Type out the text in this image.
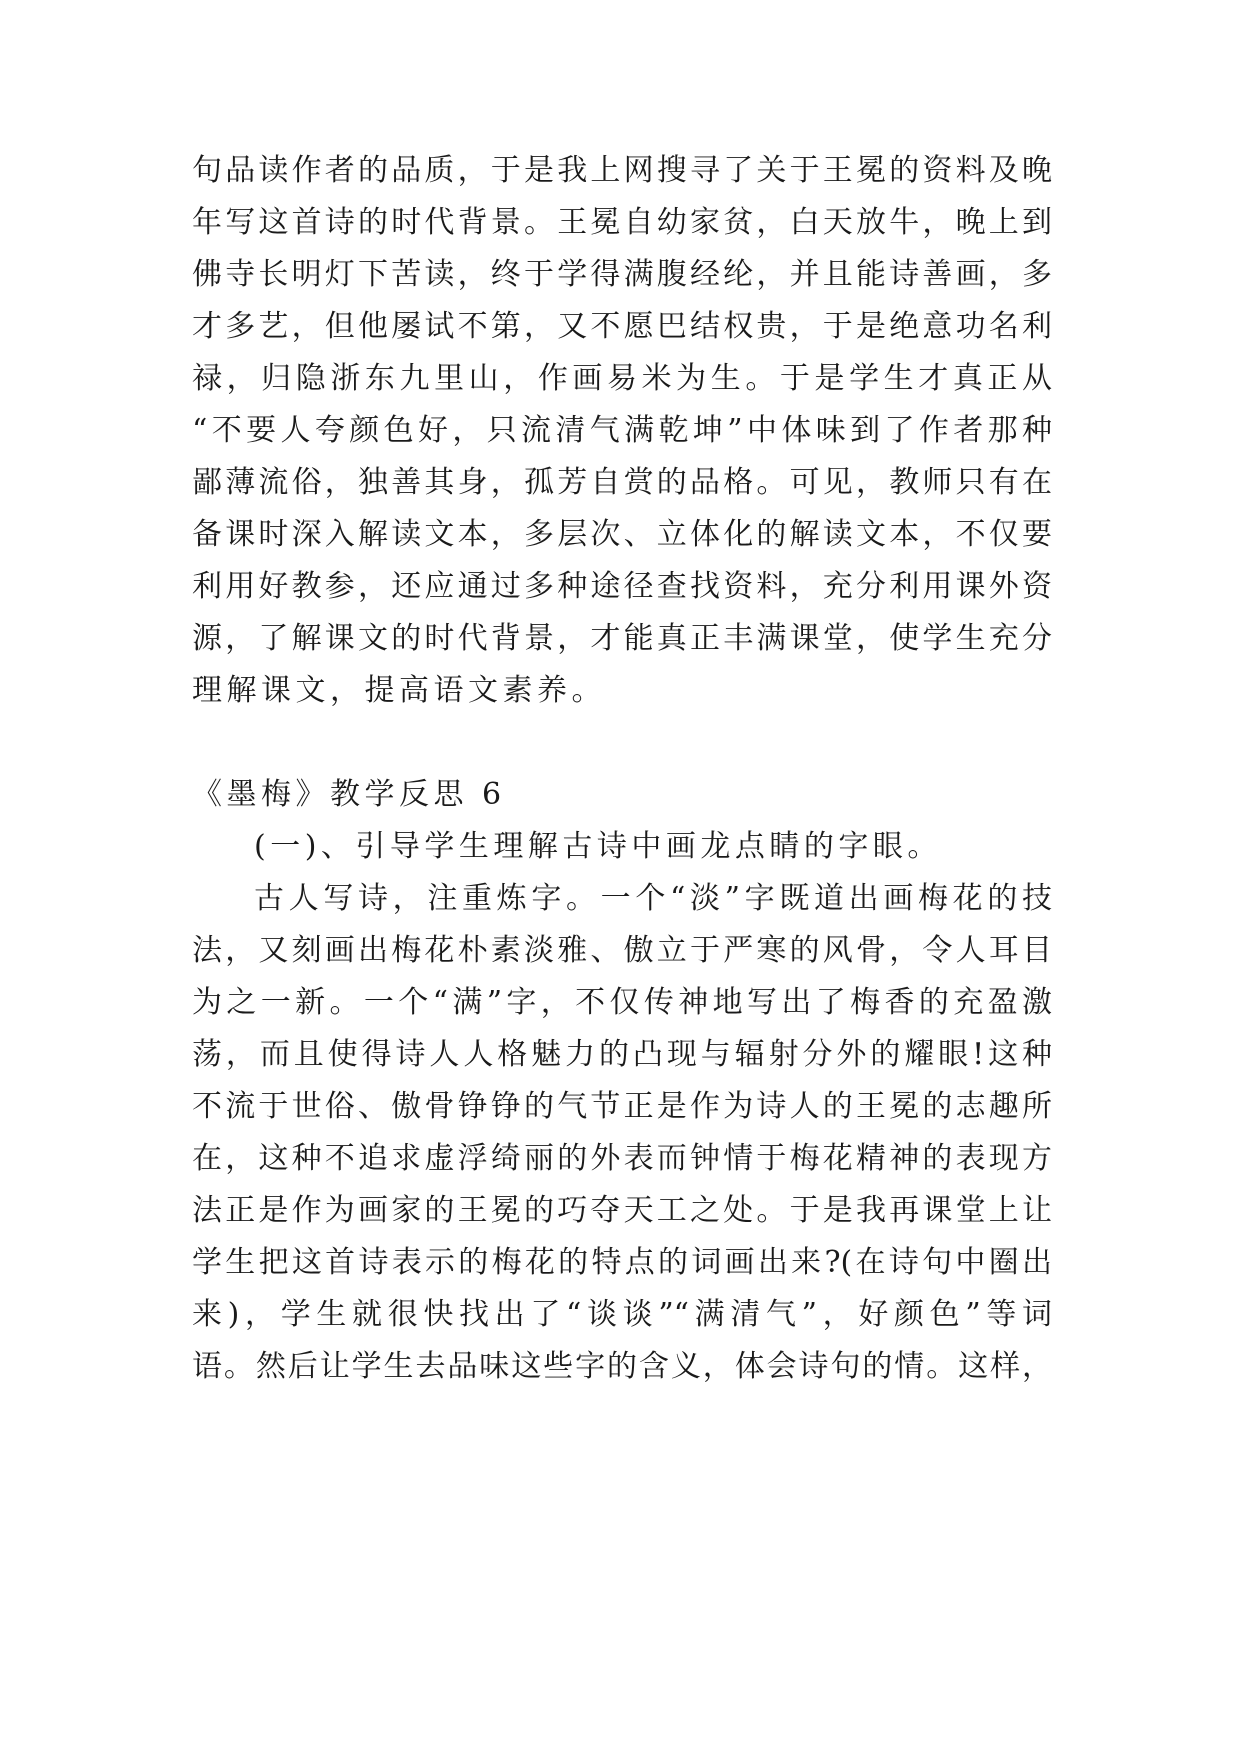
句品读作者的品质，于是我上网搜寻了关于王冕的资料及晚
年写这首诗的时代背景。王冕自幼家贫，白天放牛，晚上到
佛寺长明灯下苦读，终于学得满腹经纶，并且能诗善画，多
才多艺，但他屡试不第，又不愿巴结权贵，于是绝意功名利
禄，归隐浙东九里山，作画易米为生。于是学生才真正从
“不要人夸颜色好，只流清气满乾坤”中体味到了作者那种
鄙薄流俗，独善其身，孤芳自赏的品格。可见，教师只有在
备课时深入解读文本，多层次、立体化的解读文本，不仅要
利用好教参，还应通过多种途径查找资料，充分利用课外资
源，了解课文的时代背景，才能真正丰满课堂，使学生充分
理解课文，提高语文素养。
《墨梅》教学反思 6
(一)、引导学生理解古诗中画龙点睛的字眼。
古人写诗，注重炼字。一个“淡”字既道出画梅花的技
法，又刻画出梅花朴素淡雅、傲立于严寒的风骨，令人耳目
为之一新。一个“满”字，不仅传神地写出了梅香的充盈激
荡，而且使得诗人人格魅力的凸现与辐射分外的耀眼!这种
不流于世俗、傲骨铮铮的气节正是作为诗人的王冕的志趣所
在，这种不追求虚浮绮丽的外表而钟情于梅花精神的表现方
法正是作为画家的王冕的巧夺天工之处。于是我再课堂上让
学生把这首诗表示的梅花的特点的词画出来?(在诗句中圈出
来)，学生就很快找出了“谈谈”“满清气”，好颜色”等词
语。然后让学生去品味这些字的含义，体会诗句的情。这样，
